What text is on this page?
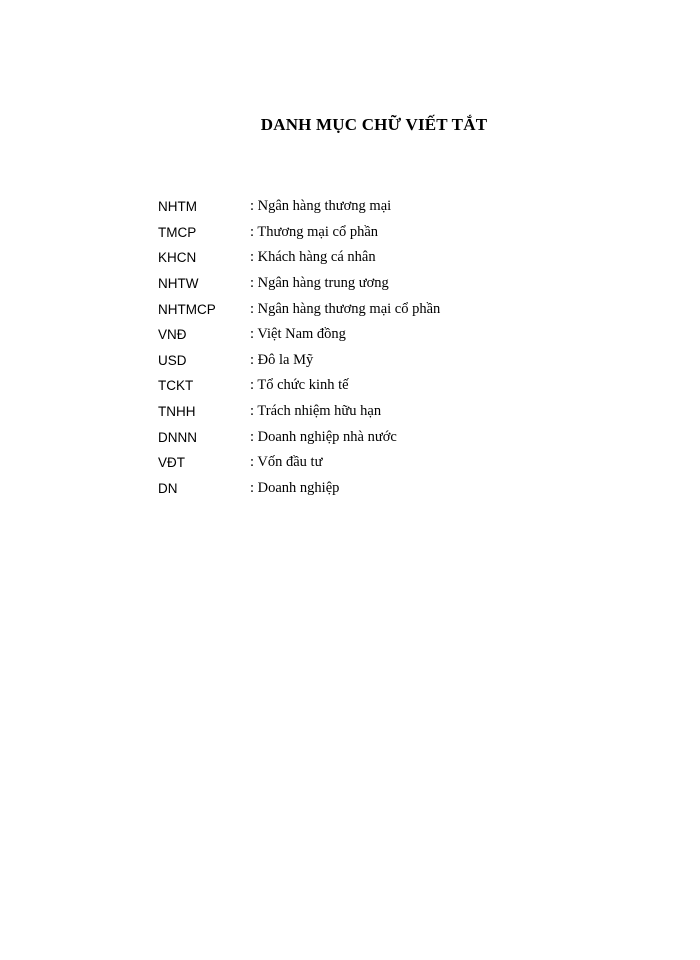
DANH MỤC CHỮ VIẾT TẮT
NHTM	: Ngân hàng thương mại
TMCP	: Thương mại cổ phần
KHCN	: Khách hàng cá nhân
NHTW	: Ngân hàng trung ương
NHTMCP	: Ngân hàng thương mại cổ phần
VNĐ	: Việt Nam đồng
USD	: Đô la Mỹ
TCKT	: Tổ chức kinh tế
TNHH	: Trách nhiệm hữu hạn
DNNN	: Doanh nghiệp nhà nước
VĐT	: Vốn đầu tư
DN	: Doanh nghiệp
